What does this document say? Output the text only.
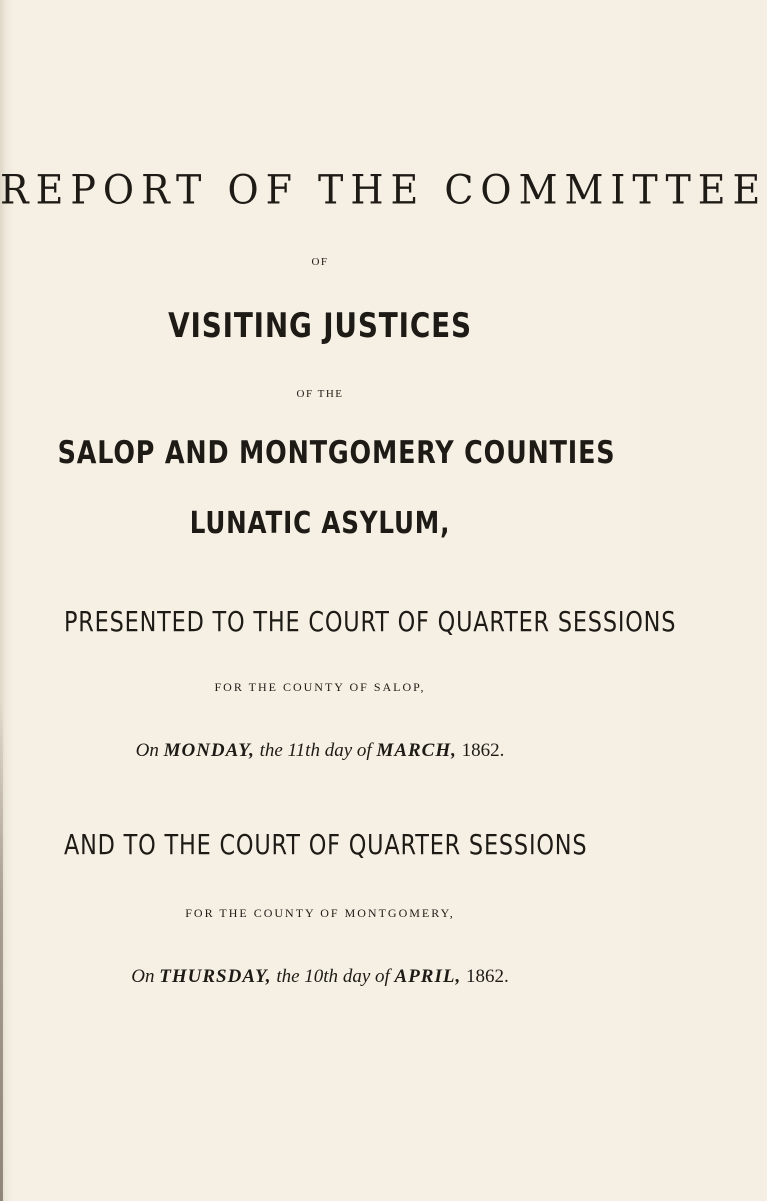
REPORT OF THE COMMITTEE
OF
VISITING JUSTICES
OF THE
SALOP AND MONTGOMERY COUNTIES
LUNATIC ASYLUM,
PRESENTED TO THE COURT OF QUARTER SESSIONS
FOR THE COUNTY OF SALOP,
On MONDAY, the 11th day of MARCH, 1862.
AND TO THE COURT OF QUARTER SESSIONS
FOR THE COUNTY OF MONTGOMERY,
On THURSDAY, the 10th day of APRIL, 1862.
